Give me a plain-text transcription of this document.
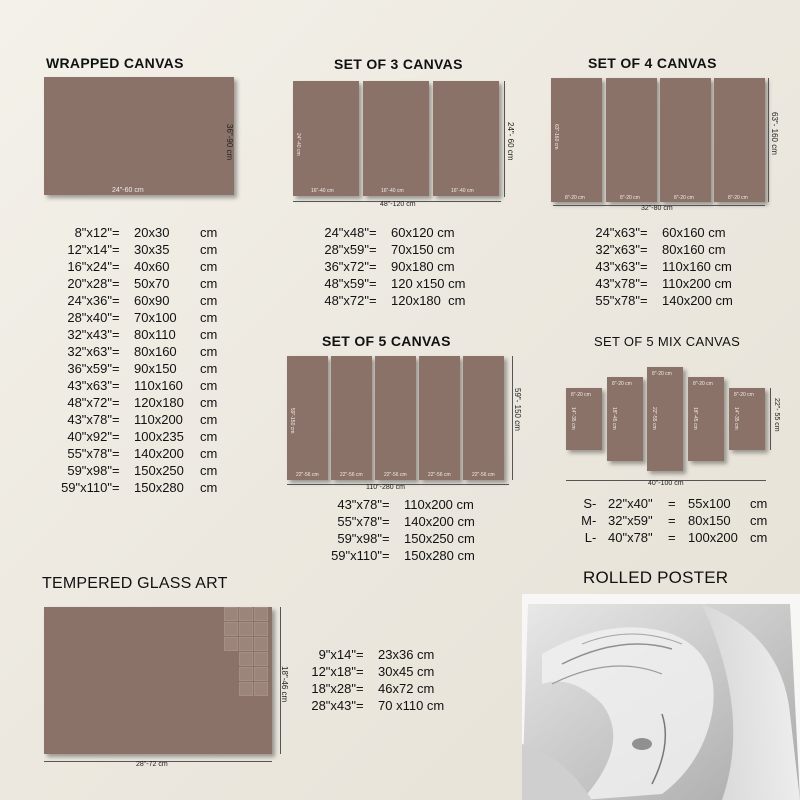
WRAPPED CANVAS
24"-60 cm
36"-90 cm
8"x12" =	20x30	cm
12"x14" =	30x35	cm
16"x24" =	40x60	cm
20"x28" =	50x70	cm
24"x36" =	60x90	cm
28"x40" =	70x100	cm
32"x43" =	80x110	cm
32"x63" =	80x160	cm
36"x59" =	90x150	cm
43"x63" =	110x160	cm
48"x72" =	120x180	cm
43"x78" =	110x200	cm
40"x92" =	100x235	cm
55"x78" =	140x200	cm
59"x98" =	150x250	cm
59"x110" =	150x280	cm
SET OF 3 CANVAS
16"-40 cm	16"-40 cm	16"-40 cm
24"-40 cm
48"-120 cm
24"- 60 cm
24"x48" =	60x120 cm
28"x59" =	70x150 cm
36"x72" =	90x180 cm
48"x59" =	120 x150 cm
48"x72" =	120x180  cm
SET OF 4 CANVAS
8"-20 cm	8"-20 cm	8"-20 cm	8"-20 cm
63"-160 cm
32"-80 cm
63"- 160 cm
24"x63" =	60x160 cm
32"x63" =	80x160 cm
43"x63" =	110x160 cm
43"x78" =	110x200 cm
55"x78" =	140x200 cm
SET OF 5 CANVAS
22"-56 cm	22"-56 cm	22"-56 cm	22"-56 cm	22"-56 cm
59"-150 cm
110"-280 cm
59"- 150 cm
43"x78" =	110x200 cm
55"x78" =	140x200 cm
59"x98" =	150x250 cm
59"x110" =	150x280 cm
SET OF 5 MIX CANVAS
8"-20 cm
14"-35 cm
8"-20 cm
18"-45 cm
8"-20 cm
22"-55 cm
8"-20 cm
18"-45 cm
8"-20 cm
14"-35 cm
40"-100 cm
22"- 55 cm
S - 22"x40"	= 55x100	cm
M - 32"x59"	= 80x150	cm
L - 40"x78"	= 100x200 cm
TEMPERED GLASS ART
28"-72 cm
18"-46 cm
9"x14" =	23x36 cm
12"x18" =	30x45 cm
18"x28" =	46x72 cm
28"x43" =	70 x110 cm
ROLLED POSTER
